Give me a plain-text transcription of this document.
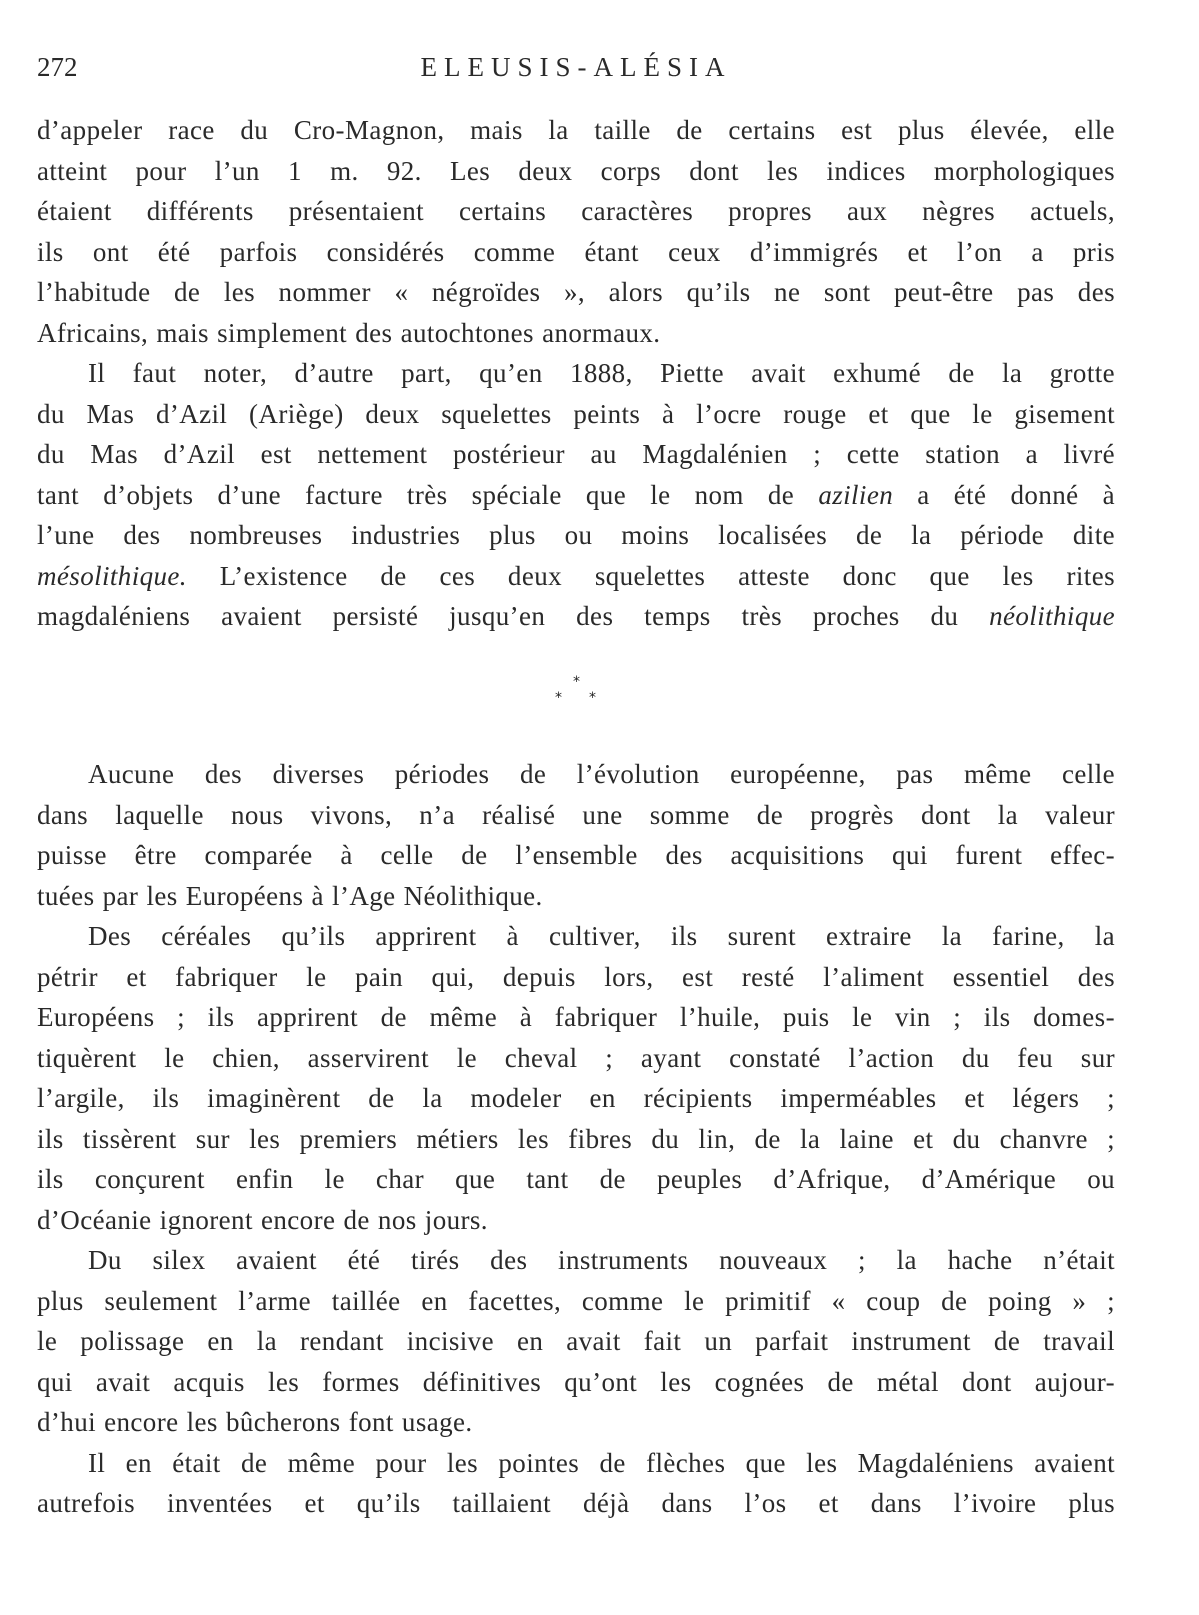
272	ELEUSIS-ALÉSIA
d’appeler race du Cro-Magnon, mais la taille de certains est plus élevée, elle
atteint pour l’un 1 m. 92. Les deux corps dont les indices morphologiques
étaient différents présentaient certains caractères propres aux nègres actuels,
ils ont été parfois considérés comme étant ceux d’immigrés et l’on a pris
l’habitude de les nommer « négroïdes », alors qu’ils ne sont peut-être pas des
Africains, mais simplement des autochtones anormaux.
Il faut noter, d’autre part, qu’en 1888, Piette avait exhumé de la grotte
du Mas d’Azil (Ariège) deux squelettes peints à l’ocre rouge et que le gisement
du Mas d’Azil est nettement postérieur au Magdalénien ; cette station a livré
tant d’objets d’une facture très spéciale que le nom de azilien a été donné à
l’une des nombreuses industries plus ou moins localisées de la période dite
mésolithique. L’existence de ces deux squelettes atteste donc que les rites
magdaléniens avaient persisté jusqu’en des temps très proches du néolithique
*
* *
Aucune des diverses périodes de l’évolution européenne, pas même celle
dans laquelle nous vivons, n’a réalisé une somme de progrès dont la valeur
puisse être comparée à celle de l’ensemble des acquisitions qui furent effec-
tuées par les Européens à l’Age Néolithique.
Des céréales qu’ils apprirent à cultiver, ils surent extraire la farine, la
pétrir et fabriquer le pain qui, depuis lors, est resté l’aliment essentiel des
Européens ; ils apprirent de même à fabriquer l’huile, puis le vin ; ils domes-
tiquèrent le chien, asservirent le cheval ; ayant constaté l’action du feu sur
l’argile, ils imaginèrent de la modeler en récipients imperméables et légers ;
ils tissèrent sur les premiers métiers les fibres du lin, de la laine et du chanvre ;
ils conçurent enfin le char que tant de peuples d’Afrique, d’Amérique ou
d’Océanie ignorent encore de nos jours.
Du silex avaient été tirés des instruments nouveaux ; la hache n’était
plus seulement l’arme taillée en facettes, comme le primitif « coup de poing » ;
le polissage en la rendant incisive en avait fait un parfait instrument de travail
qui avait acquis les formes définitives qu’ont les cognées de métal dont aujour-
d’hui encore les bûcherons font usage.
Il en était de même pour les pointes de flèches que les Magdaléniens avaient
autrefois inventées et qu’ils taillaient déjà dans l’os et dans l’ivoire plus
